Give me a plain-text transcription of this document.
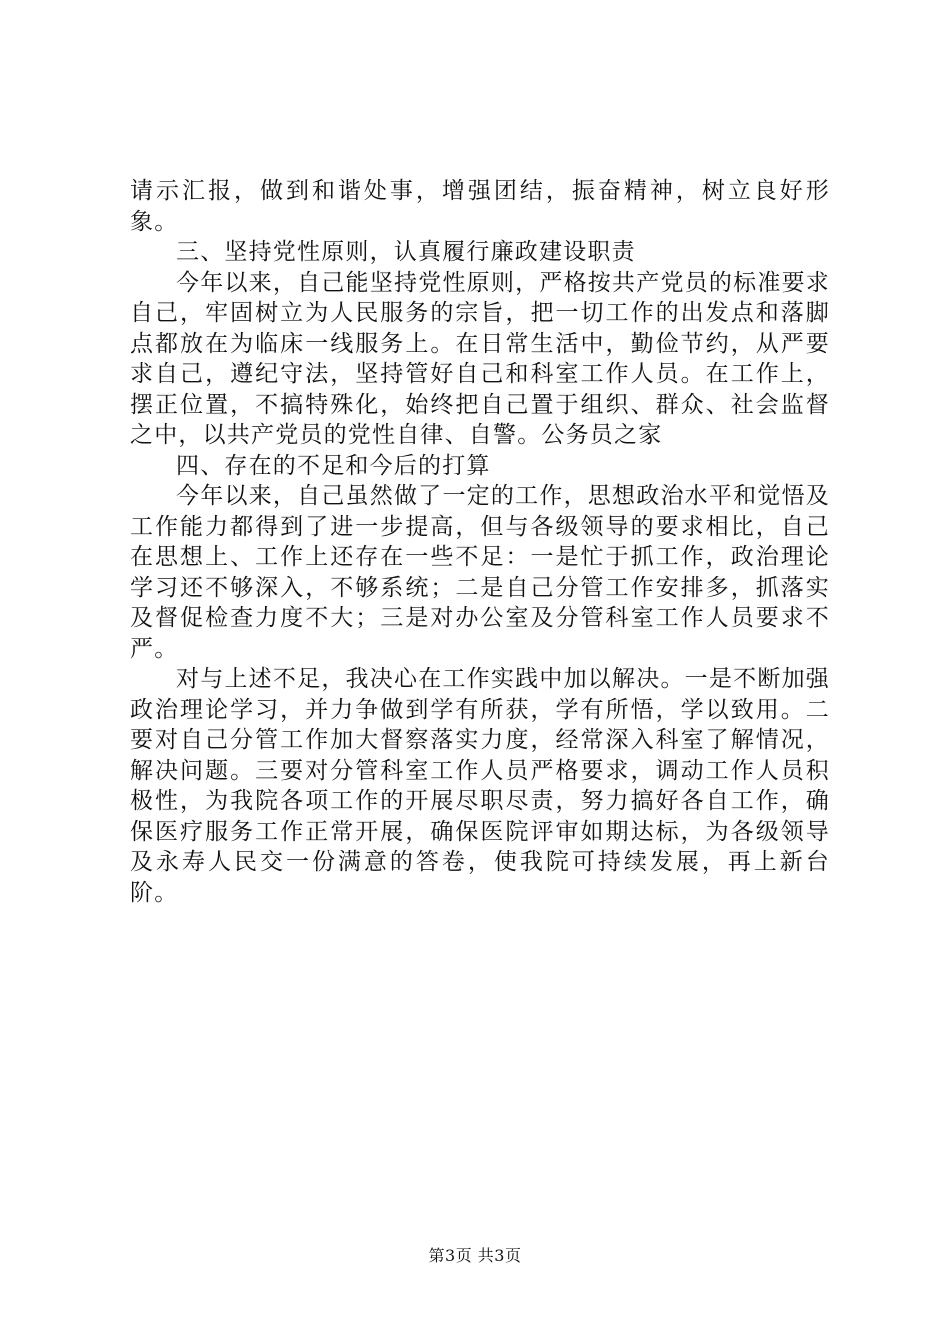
请示汇报，做到和谐处事，增强团结，振奋精神，树立良好形象。

三、坚持党性原则，认真履行廉政建设职责

今年以来，自己能坚持党性原则，严格按共产党员的标准要求自己，牢固树立为人民服务的宗旨，把一切工作的出发点和落脚点都放在为临床一线服务上。在日常生活中，勤俭节约，从严要求自己，遵纪守法，坚持管好自己和科室工作人员。在工作上，摆正位置，不搞特殊化，始终把自己置于组织、群众、社会监督之中，以共产党员的党性自律、自警。公务员之家

四、存在的不足和今后的打算

今年以来，自己虽然做了一定的工作，思想政治水平和觉悟及工作能力都得到了进一步提高，但与各级领导的要求相比，自己在思想上、工作上还存在一些不足：一是忙于抓工作，政治理论学习还不够深入，不够系统；二是自己分管工作安排多，抓落实及督促检查力度不大；三是对办公室及分管科室工作人员要求不严。

对与上述不足，我决心在工作实践中加以解决。一是不断加强政治理论学习，并力争做到学有所获，学有所悟，学以致用。二要对自己分管工作加大督察落实力度，经常深入科室了解情况，解决问题。三要对分管科室工作人员严格要求，调动工作人员积极性，为我院各项工作的开展尽职尽责，努力搞好各自工作，确保医疗服务工作正常开展，确保医院评审如期达标，为各级领导及永寿人民交一份满意的答卷，使我院可持续发展，再上新台阶。

第3页 共3页
